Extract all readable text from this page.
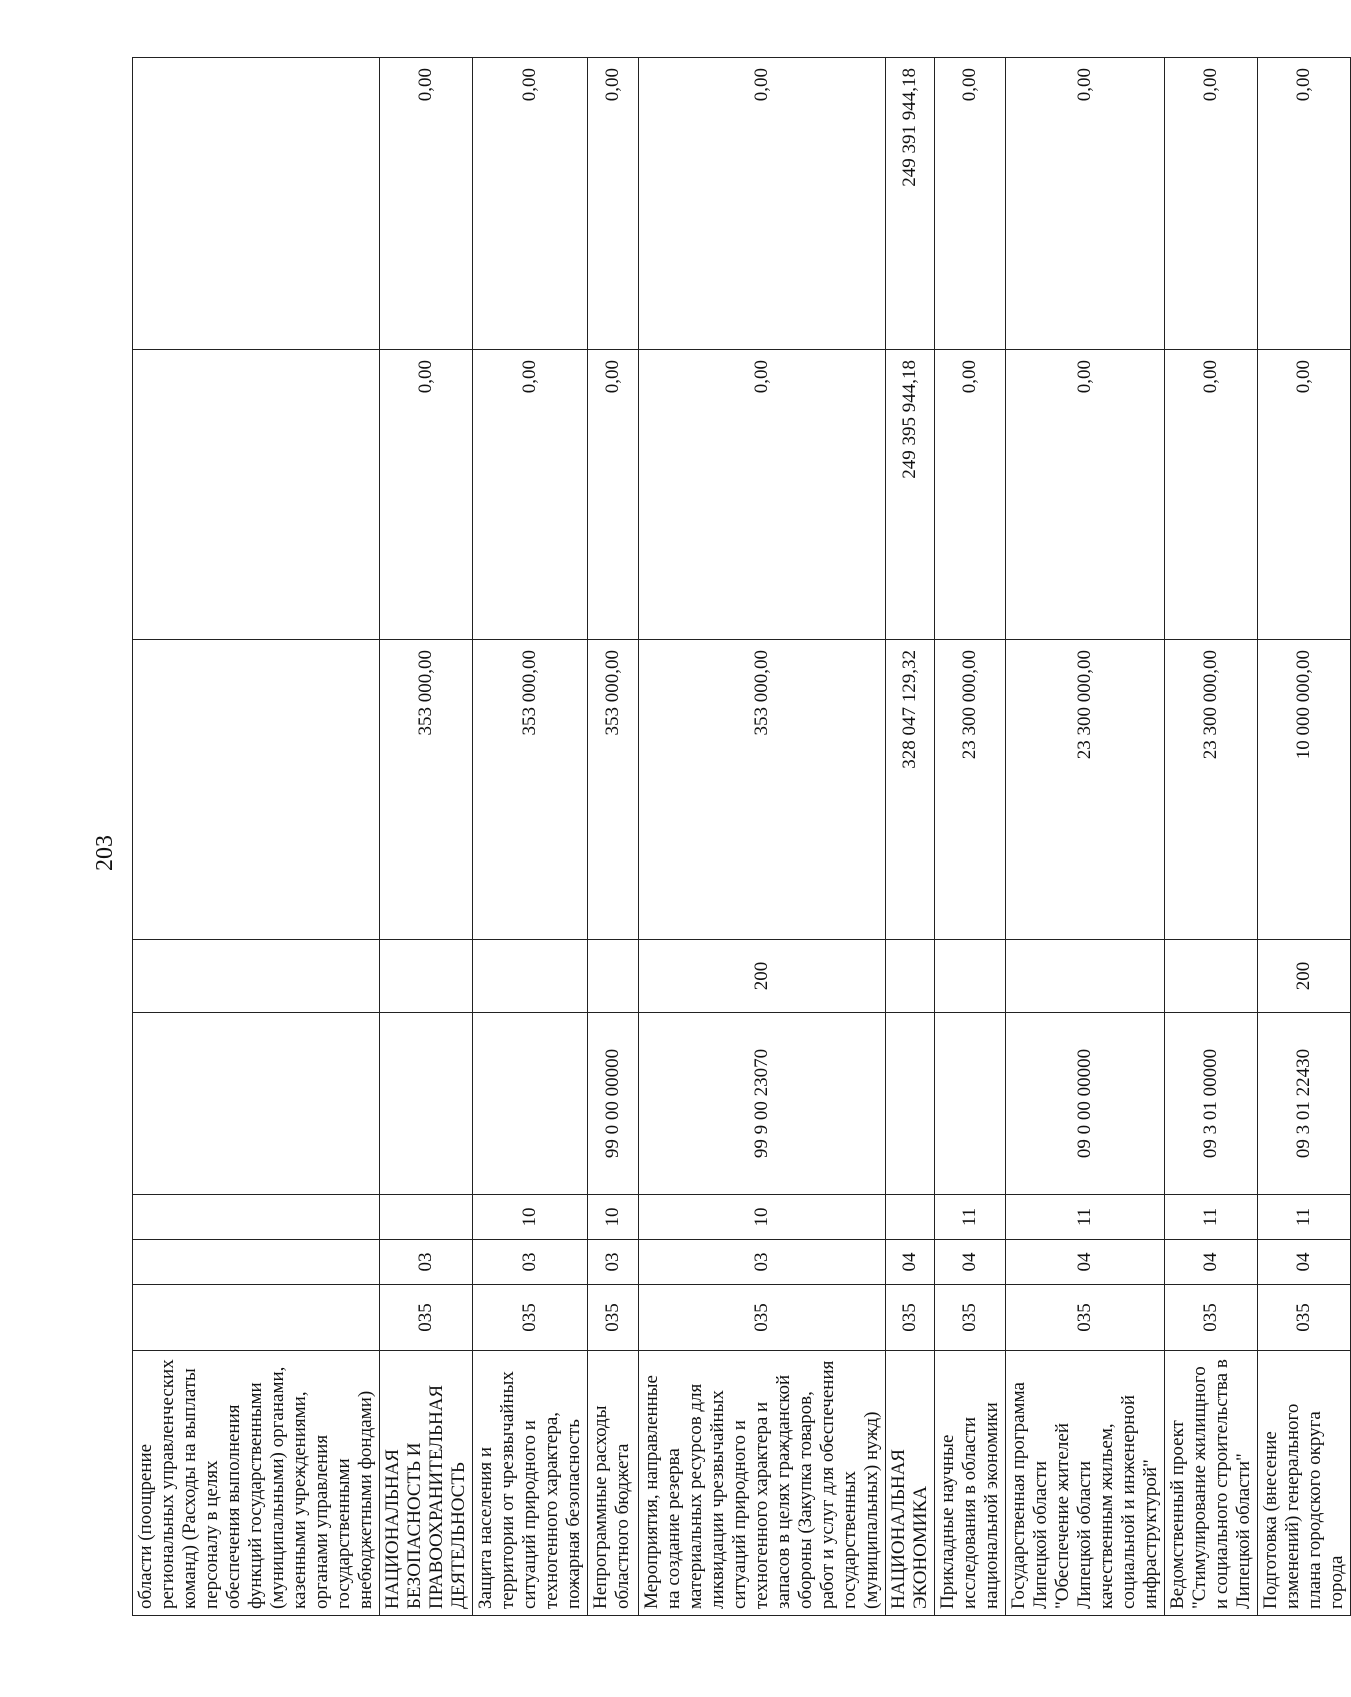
203
области (поощрение региональных управленческих команд) (Расходы на выплаты персоналу в целях обеспечения выполнения функций государственными (муниципальными) органами, казенными учреждениями, органами управления государственными внебюджетными фондами)								
НАЦИОНАЛЬНАЯ БЕЗОПАСНОСТЬ И ПРАВООХРАНИТЕЛЬНАЯ ДЕЯТЕЛЬНОСТЬ	035	03				353 000,00	0,00	0,00
Защита населения и территории от чрезвычайных ситуаций природного и техногенного характера, пожарная безопасность	035	03	10			353 000,00	0,00	0,00
Непрограммные расходы областного бюджета	035	03	10	99 0 00 00000		353 000,00	0,00	0,00
Мероприятия, направленные на создание резерва материальных ресурсов для ликвидации чрезвычайных ситуаций природного и техногенного характера и запасов в целях гражданской обороны (Закупка товаров, работ и услуг для обеспечения государственных (муниципальных) нужд)	035	03	10	99 9 00 23070	200	353 000,00	0,00	0,00
НАЦИОНАЛЬНАЯ ЭКОНОМИКА	035	04				328 047 129,32	249 395 944,18	249 391 944,18
Прикладные научные исследования в области национальной экономики	035	04	11			23 300 000,00	0,00	0,00
Государственная программа Липецкой области "Обеспечение жителей Липецкой области качественным жильем, социальной и инженерной инфраструктурой"	035	04	11	09 0 00 00000		23 300 000,00	0,00	0,00
Ведомственный проект "Стимулирование жилищного и социального строительства в Липецкой области"	035	04	11	09 3 01 00000		23 300 000,00	0,00	0,00
Подготовка (внесение изменений) генерального плана городского округа города	035	04	11	09 3 01 22430	200	10 000 000,00	0,00	0,00
